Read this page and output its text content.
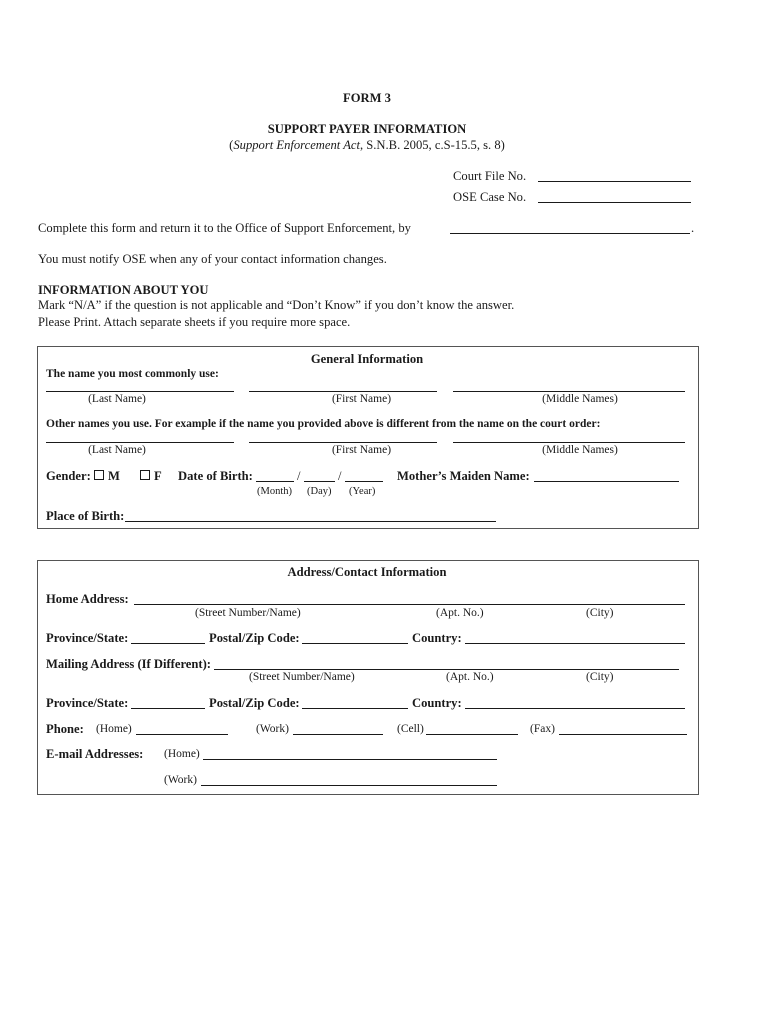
FORM 3
SUPPORT PAYER INFORMATION
(Support Enforcement Act, S.N.B. 2005, c.S-15.5, s. 8)
Court File No.
OSE Case No.
Complete this form and return it to the Office of Support Enforcement, by	.
You must notify OSE when any of your contact information changes.
INFORMATION ABOUT YOU
Mark “N/A” if the question is not applicable and “Don’t Know” if you don’t know the answer.
Please Print. Attach separate sheets if you require more space.
General Information
The name you most commonly use:
(Last Name)	(First Name)	(Middle Names)
Other names you use. For example if the name you provided above is different from the name on the court order:
(Last Name)	(First Name)	(Middle Names)
Gender:	M	F Date of Birth:	/	/
(Month) (Day) (Year)
Mother’s Maiden Name:
Place of Birth:
Address/Contact Information
Home Address:
(Street Number/Name)	(Apt. No.)	(City)
Province/State:	Postal/Zip Code:	Country:
Mailing Address (If Different):
(Street Number/Name)	(Apt. No.)	(City)
Province/State:	Postal/Zip Code:	Country:
Phone: (Home)	(Work)	(Cell)	(Fax)
E-mail Addresses: (Home)
(Work)
